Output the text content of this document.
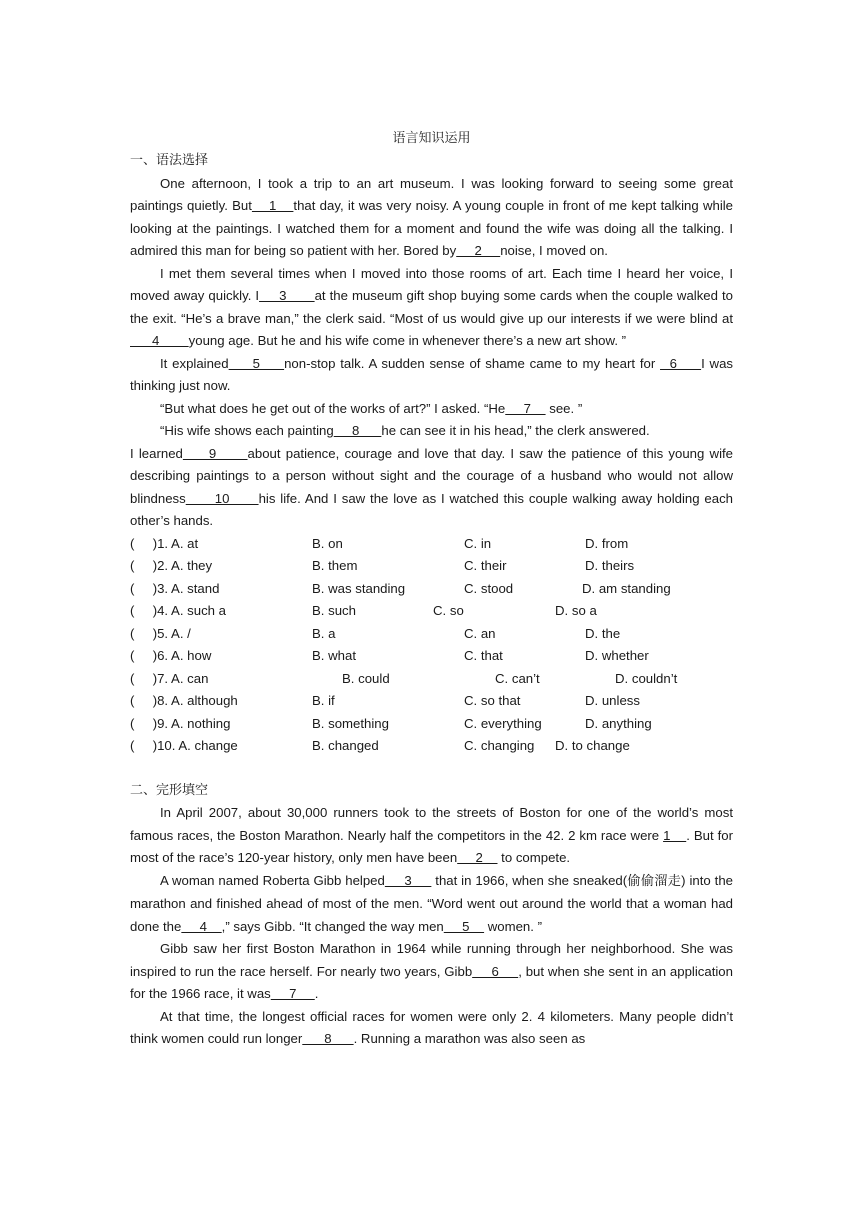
语言知识运用
一、语法选择

One afternoon, I took a trip to an art museum. I was looking forward to seeing some great paintings quietly. But    1    that day, it was very noisy. A young couple in front of me kept talking while looking at the paintings. I watched them for a moment and found the wife was doing all the talking. I admired this man for being so patient with her. Bored by     2     noise, I moved on.

I met them several times when I moved into those rooms of art. Each time I heard her voice, I moved away quickly. I     3       at the museum gift shop buying some cards when the couple walked to the exit. “He’s a brave man,” the clerk said. “Most of us would give up our interests if we were blind at      4        young age. But he and his wife come in whenever there’s a new art show. ”

It explained     5     non-stop talk. A sudden sense of shame came to my heart for   6     I was thinking just now.

“But what does he get out of the works of art?” I asked. “He     7     see. ”

“His wife shows each painting     8      he can see it in his head,” the clerk answered.

I learned     9      about patience, courage and love that day. I saw the patience of this young wife describing paintings to a person without sight and the courage of a husband who would not allow blindness      10      his life. And I saw the love as I watched this couple walking away holding each other’s hands.

(     )1. A. at	B. on	C. in	D. from
(     )2. A. they	B. them	C. their	D. theirs
(     )3. A. stand	B. was standing	C. stood	D. am standing
(     )4. A. such a	B. such	C. so	D. so a
(     )5. A. /	B. a	C. an	D. the
(     )6. A. how	B. what	C. that	D. whether
(     )7. A. can	B. could	C. can’t	D. couldn’t
(     )8. A. although	B. if	C. so that	D. unless
(     )9. A. nothing	B. something	C. everything	D. anything
(     )10. A. change	B. changed	C. changing D. to change
二、完形填空

In April 2007, about 30,000 runners took to the streets of Boston for one of the world’s most famous races, the Boston Marathon. Nearly half the competitors in the 42. 2 km race were 1    . But for most of the race’s 120-year history, only men have been     2     to compete.

A woman named Roberta Gibb helped     3      that in 1966, when she sneaked(偷偷溜走) into the marathon and finished ahead of most of the men. “Word went out around the world that a woman had done the     4    ,” says Gibb. “It changed the way men     5     women. ”

Gibb saw her first Boston Marathon in 1964 while running through her neighborhood. She was inspired to run the race herself. For nearly two years, Gibb     6     , but when she sent in an application for the 1966 race, it was     7     .

At that time, the longest official races for women were only 2. 4 kilometers. Many people didn’t think women could run longer      8      . Running a marathon was also seen as
